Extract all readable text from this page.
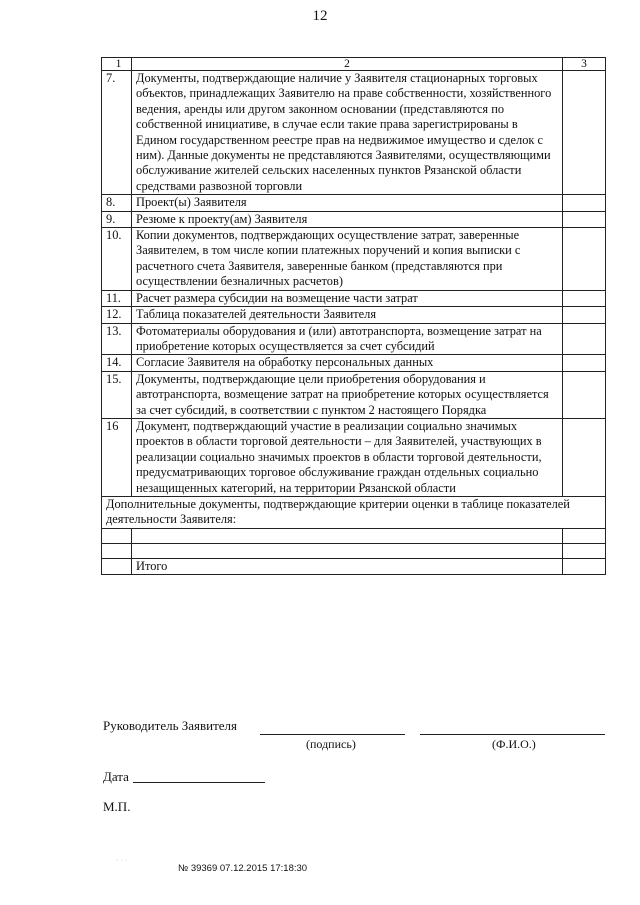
12
1	2	3
7.	Документы, подтверждающие наличие у Заявителя стационарных торговых объектов, принадлежащих Заявителю на праве собственности, хозяйственного ведения, аренды или другом законном основании (представляются по собственной инициативе, в случае если такие права зарегистрированы в Едином государственном реестре прав на недвижимое имущество и сделок с ним). Данные документы не представляются Заявителями, осуществляющими обслуживание жителей сельских населенных пунктов Рязанской области средствами развозной торговли	
8.	Проект(ы) Заявителя	
9.	Резюме к проекту(ам) Заявителя	
10.	Копии документов, подтверждающих осуществление затрат, заверенные Заявителем, в том числе копии платежных поручений и копия выписки с расчетного счета Заявителя, заверенные банком (представляются при осуществлении безналичных расчетов)	
11.	Расчет размера субсидии на возмещение части затрат	
12.	Таблица показателей деятельности Заявителя	
13.	Фотоматериалы оборудования и (или) автотранспорта, возмещение затрат на приобретение которых осуществляется за счет субсидий	
14.	Согласие Заявителя на обработку персональных данных	
15.	Документы, подтверждающие цели приобретения оборудования и автотранспорта, возмещение затрат на приобретение которых осуществляется за счет субсидий, в соответствии с пунктом 2 настоящего Порядка	
16	Документ, подтверждающий участие в реализации социально значимых проектов в области торговой деятельности – для Заявителей, участвующих в реализации социально значимых проектов в области торговой деятельности, предусматривающих торговое обслуживание граждан отдельных социально незащищенных категорий, на территории Рязанской области	
Дополнительные документы, подтверждающие критерии оценки в таблице показателей деятельности Заявителя:		

	Итого	
Руководитель Заявителя
(подпись)	(Ф.И.О.)
Дата
М.П.
· · ·
№ 39369 07.12.2015 17:18:30
